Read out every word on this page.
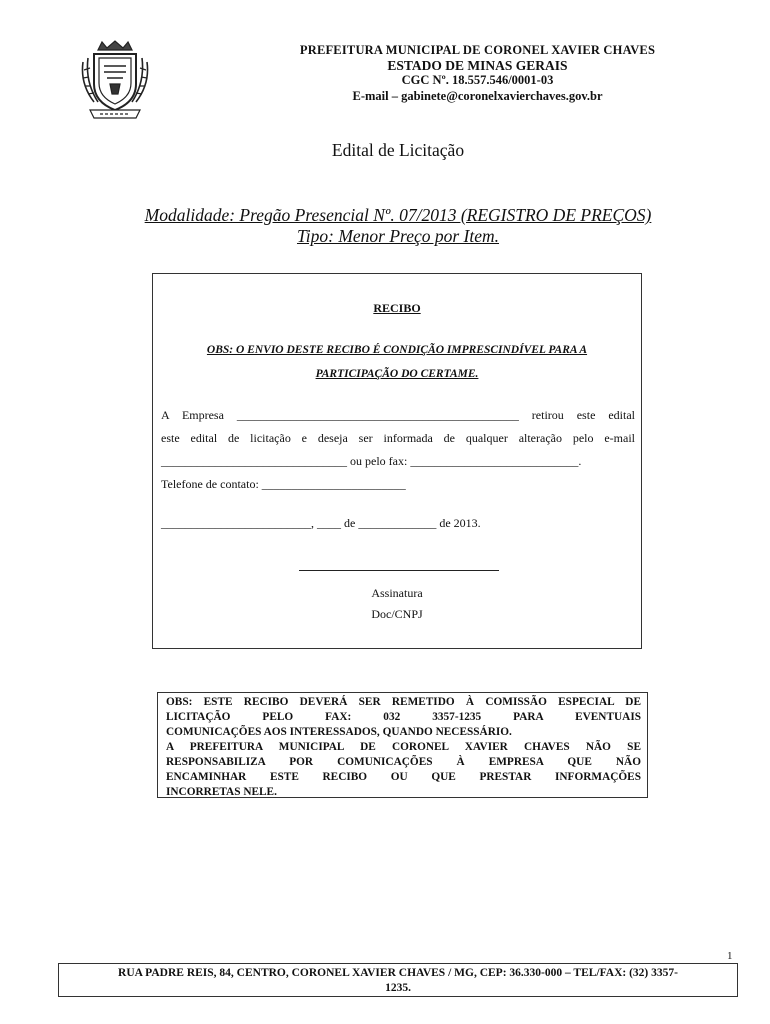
PREFEITURA MUNICIPAL DE CORONEL XAVIER CHAVES
ESTADO DE MINAS GERAIS
CGC Nº. 18.557.546/0001-03
E-mail – gabinete@coronelxavierchaves.gov.br
Edital de Licitação
Modalidade: Pregão Presencial Nº. 07/2013 (REGISTRO DE PREÇOS)
Tipo: Menor Preço por Item.
RECIBO
OBS: O ENVIO DESTE RECIBO É CONDIÇÃO IMPRESCINDÍVEL PARA A
PARTICIPAÇÃO DO CERTAME.
A Empresa _______________________________________________ retirou este edital
este edital de licitação e deseja ser informada de qualquer alteração pelo e-mail
_______________________________ ou pelo fax: ____________________________.
Telefone de contato: ________________________
_________________________, ____ de _____________ de 2013.
Assinatura
Doc/CNPJ
OBS: ESTE RECIBO DEVERÁ SER REMETIDO À COMISSÃO ESPECIAL DE
LICITAÇÃO PELO FAX: 032 3357-1235 PARA EVENTUAIS
COMUNICAÇÕES AOS INTERESSADOS, QUANDO NECESSÁRIO.
A PREFEITURA MUNICIPAL DE CORONEL XAVIER CHAVES NÃO SE
RESPONSABILIZA POR COMUNICAÇÕES À EMPRESA QUE NÃO
ENCAMINHAR ESTE RECIBO OU QUE PRESTAR INFORMAÇÕES
INCORRETAS NELE.
1
RUA PADRE REIS, 84, CENTRO, CORONEL XAVIER CHAVES / MG, CEP: 36.330-000 – TEL/FAX: (32) 3357-
1235.
